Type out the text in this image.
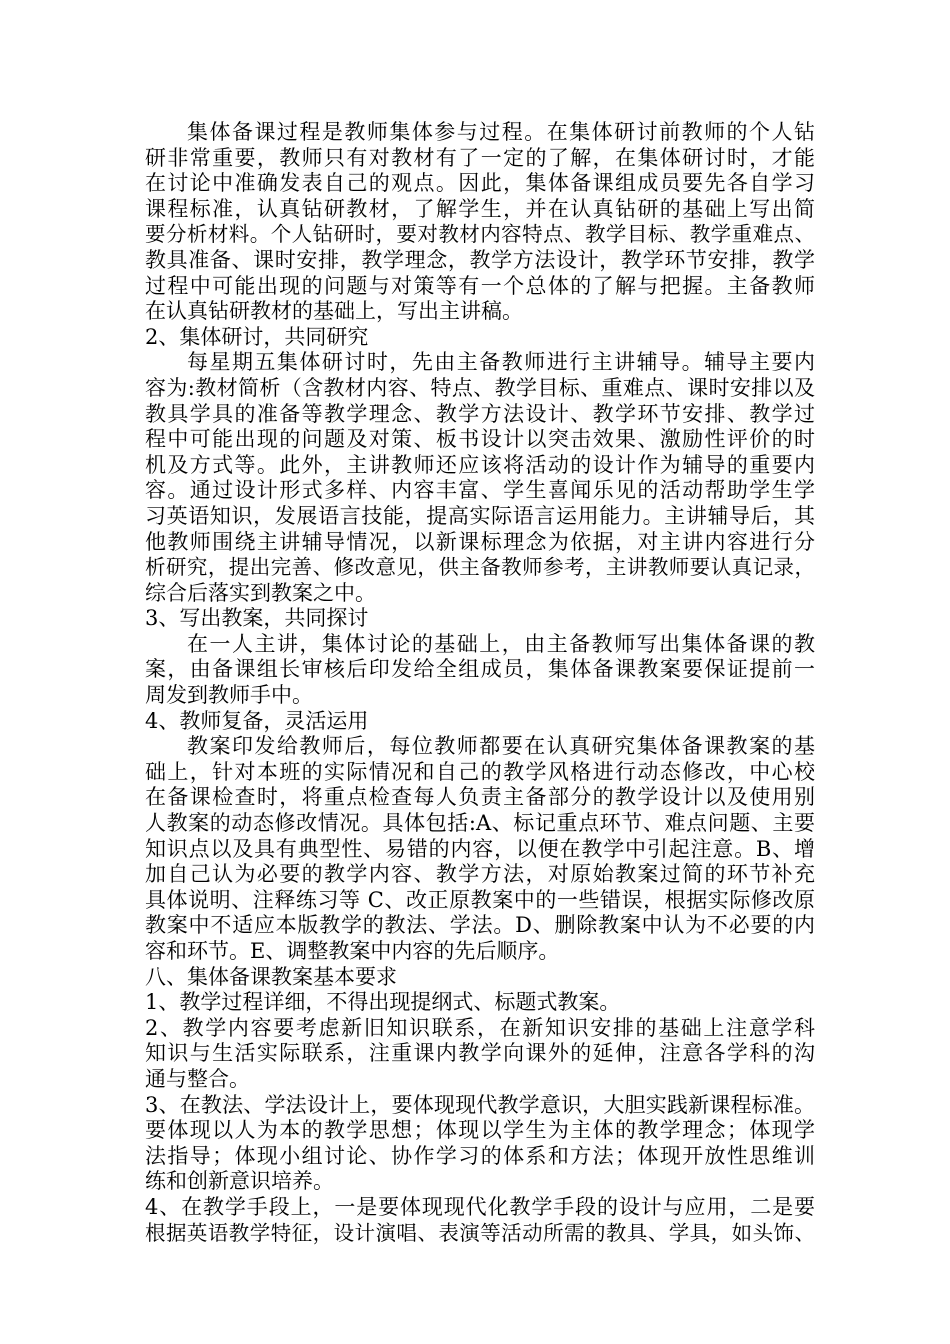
集体备课过程是教师集体参与过程。在集体研讨前教师的个人钻
研非常重要，教师只有对教材有了一定的了解，在集体研讨时，才能
在讨论中准确发表自己的观点。因此，集体备课组成员要先各自学习
课程标准，认真钻研教材，了解学生，并在认真钻研的基础上写出简
要分析材料。个人钻研时，要对教材内容特点、教学目标、教学重难点、
教具准备、课时安排，教学理念，教学方法设计，教学环节安排，教学
过程中可能出现的问题与对策等有一个总体的了解与把握。主备教师
在认真钻研教材的基础上，写出主讲稿。
2、集体研讨，共同研究
每星期五集体研讨时，先由主备教师进行主讲辅导。辅导主要内
容为:教材简析（含教材内容、特点、教学目标、重难点、课时安排以及
教具学具的准备等教学理念、教学方法设计、教学环节安排、教学过
程中可能出现的问题及对策、板书设计以突击效果、激励性评价的时
机及方式等。此外，主讲教师还应该将活动的设计作为辅导的重要内
容。通过设计形式多样、内容丰富、学生喜闻乐见的活动帮助学生学
习英语知识，发展语言技能，提高实际语言运用能力。主讲辅导后，其
他教师围绕主讲辅导情况，以新课标理念为依据，对主讲内容进行分
析研究，提出完善、修改意见，供主备教师参考，主讲教师要认真记录，
综合后落实到教案之中。
3、写出教案，共同探讨
在一人主讲，集体讨论的基础上，由主备教师写出集体备课的教
案，由备课组长审核后印发给全组成员，集体备课教案要保证提前一
周发到教师手中。
4、教师复备，灵活运用
教案印发给教师后，每位教师都要在认真研究集体备课教案的基
础上，针对本班的实际情况和自己的教学风格进行动态修改，中心校
在备课检查时，将重点检查每人负责主备部分的教学设计以及使用别
人教案的动态修改情况。具体包括:A、标记重点环节、难点问题、主要
知识点以及具有典型性、易错的内容，以便在教学中引起注意。B、增
加自己认为必要的教学内容、教学方法，对原始教案过简的环节补充
具体说明、注释练习等 C、改正原教案中的一些错误，根据实际修改原
教案中不适应本版教学的教法、学法。D、删除教案中认为不必要的内
容和环节。E、调整教案中内容的先后顺序。
八、集体备课教案基本要求
1、教学过程详细，不得出现提纲式、标题式教案。
2、教学内容要考虑新旧知识联系，在新知识安排的基础上注意学科
知识与生活实际联系，注重课内教学向课外的延伸，注意各学科的沟
通与整合。
3、在教法、学法设计上，要体现现代教学意识，大胆实践新课程标准。
要体现以人为本的教学思想；体现以学生为主体的教学理念；体现学
法指导；体现小组讨论、协作学习的体系和方法；体现开放性思维训
练和创新意识培养。
4、在教学手段上，一是要体现现代化教学手段的设计与应用，二是要
根据英语教学特征，设计演唱、表演等活动所需的教具、学具，如头饰、
